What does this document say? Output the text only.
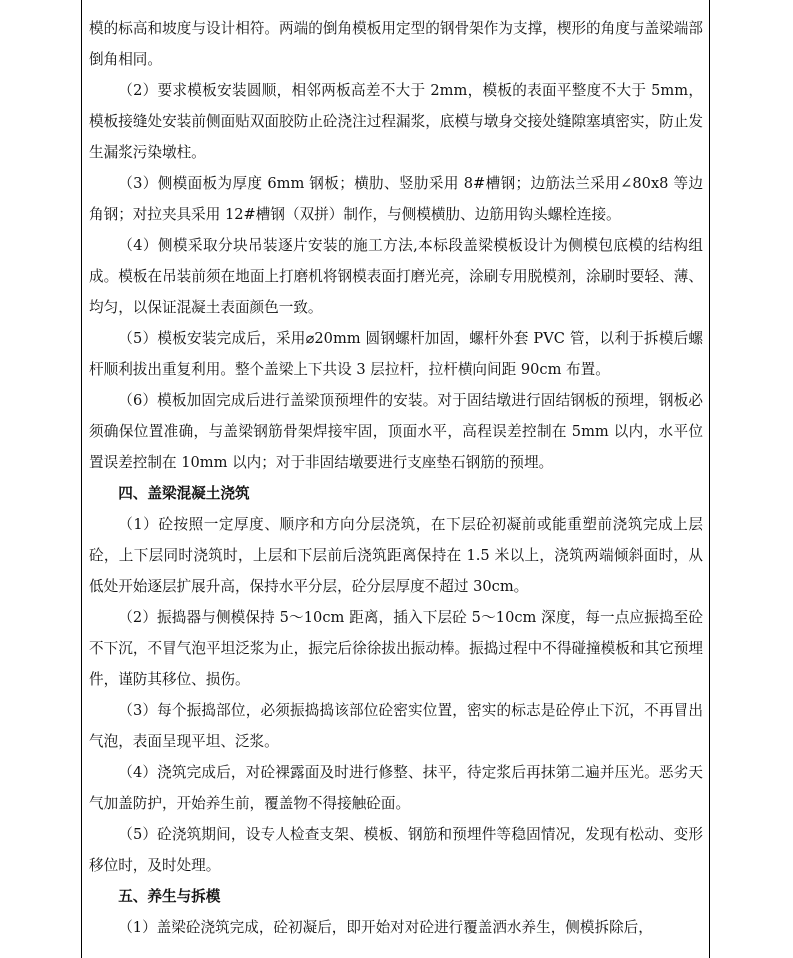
模的标高和坡度与设计相符。两端的倒角模板用定型的钢骨架作为支撑，楔形的角度与盖梁端部倒角相同。

（2）要求模板安装圆顺，相邻两板高差不大于 2mm，模板的表面平整度不大于 5mm，模板接缝处安装前侧面贴双面胶防止砼浇注过程漏浆，底模与墩身交接处缝隙塞填密实，防止发生漏浆污染墩柱。

（3）侧模面板为厚度 6mm 钢板；横肋、竖肋采用 8#槽钢；边筋法兰采用∠80x8 等边角钢；对拉夹具采用 12#槽钢（双拼）制作，与侧模横肋、边筋用钩头螺栓连接。

（4）侧模采取分块吊装逐片安装的施工方法,本标段盖梁模板设计为侧模包底模的结构组成。模板在吊装前须在地面上打磨机将钢模表面打磨光亮，涂刷专用脱模剂，涂刷时要轻、薄、均匀，以保证混凝土表面颜色一致。

（5）模板安装完成后，采用⌀20mm 圆钢螺杆加固，螺杆外套 PVC 管，以利于拆模后螺杆顺利拔出重复利用。整个盖梁上下共设 3 层拉杆，拉杆横向间距 90cm 布置。

（6）模板加固完成后进行盖梁顶预埋件的安装。对于固结墩进行固结钢板的预埋，钢板必须确保位置准确，与盖梁钢筋骨架焊接牢固，顶面水平，高程误差控制在 5mm 以内，水平位置误差控制在 10mm 以内；对于非固结墩要进行支座垫石钢筋的预埋。

四、盖梁混凝土浇筑

（1）砼按照一定厚度、顺序和方向分层浇筑，在下层砼初凝前或能重塑前浇筑完成上层砼，上下层同时浇筑时，上层和下层前后浇筑距离保持在 1.5 米以上，浇筑两端倾斜面时，从低处开始逐层扩展升高，保持水平分层，砼分层厚度不超过 30cm。

（2）振捣器与侧模保持 5～10cm 距离，插入下层砼 5～10cm 深度，每一点应振捣至砼不下沉，不冒气泡平坦泛浆为止，振完后徐徐拔出振动棒。振捣过程中不得碰撞模板和其它预埋件，谨防其移位、损伤。

（3）每个振捣部位，必须振捣捣该部位砼密实位置，密实的标志是砼停止下沉，不再冒出气泡，表面呈现平坦、泛浆。

（4）浇筑完成后，对砼裸露面及时进行修整、抹平，待定浆后再抹第二遍并压光。恶劣天气加盖防护，开始养生前，覆盖物不得接触砼面。

（5）砼浇筑期间，设专人检查支架、模板、钢筋和预埋件等稳固情况，发现有松动、变形移位时，及时处理。

五、养生与拆模

（1）盖梁砼浇筑完成，砼初凝后，即开始对对砼进行覆盖洒水养生，侧模拆除后，
